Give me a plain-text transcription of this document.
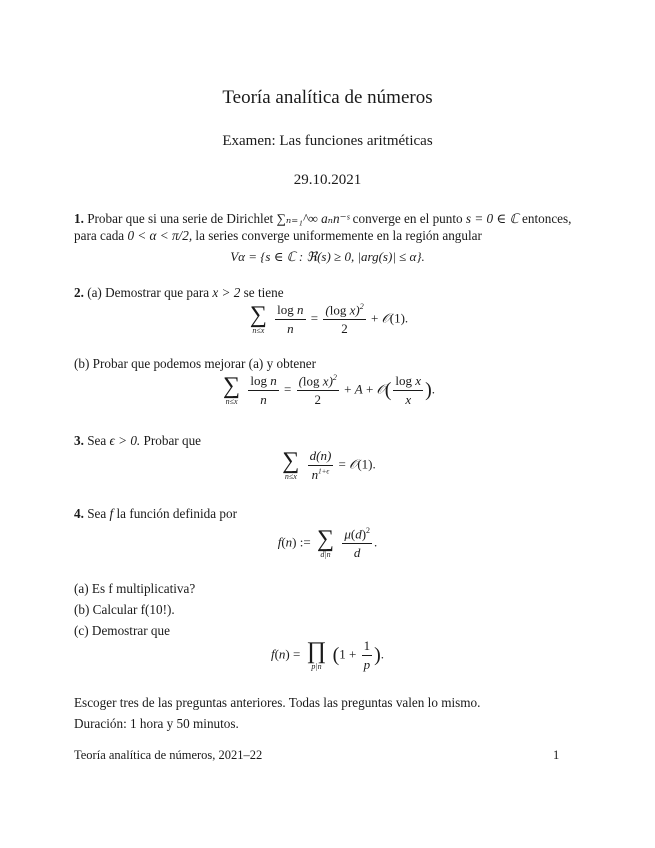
Teoría analítica de números
Examen: Las funciones aritméticas
29.10.2021
1. Probar que si una serie de Dirichlet ∑ₙ₌₁^∞ aₙn⁻ˢ converge en el punto s = 0 ∈ ℂ entonces,
para cada 0 < α < π/2, la series converge uniformemente en la región angular
Vα = {s ∈ ℂ : ℜ(s) ≥ 0, |arg(s)| ≤ α}.
2. (a) Demostrar que para x > 2 se tiene
∑
n≤x
$\frac{\text{log n}}{n} = \frac{(\log x)^2}{2}$ + 𝒪(1).
(b) Probar que podemos mejorar (a) y obtener
∑
n≤x
$\frac{\text{log n}}{n} = \frac{(\log x)^2}{2} + A$ + 𝒪( $\frac{\text{log x}}{x}$ ).
3. Sea ϵ > 0. Probar que
∑
n≤x
$\frac{d(n)}{n^{1+\epsilon}}$ = 𝒪(1).
4. Sea f la función definida por
f(n) := ∑
d|n
$\frac{\mu(d)^2}{d}$ .
(a) Es f multiplicativa?
(b) Calcular f(10!).
(c) Demostrar que
f(n) = ∏
p|n ($1 + \frac{1}{p}$ ).
Escoger tres de las preguntas anteriores. Todas las preguntas valen lo mismo.
Duración: 1 hora y 50 minutos.
Teoría analítica de números, 2021–22	1
